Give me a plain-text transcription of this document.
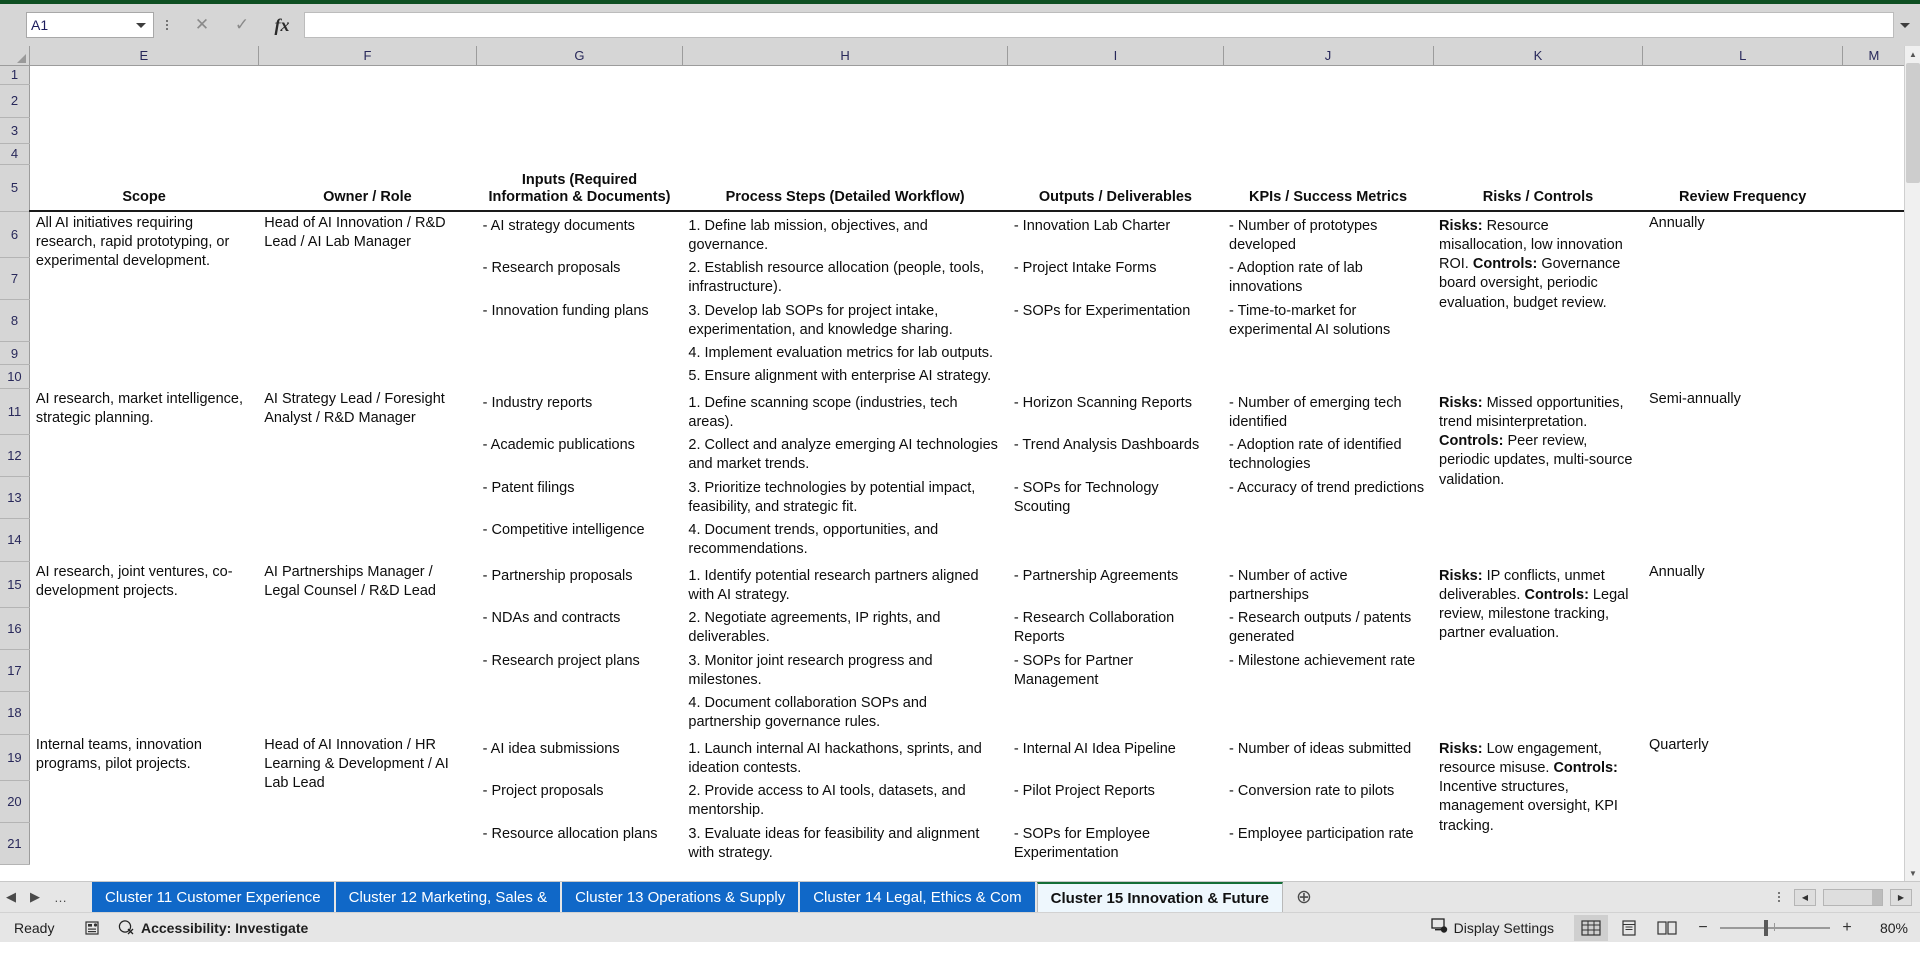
A1	✕	✓	fx
	E	F	G	H	I	J	K	L	M
1									
2									
3									
4									
5	Scope	Owner / Role	Inputs (Required Information & Documents)	Process Steps (Detailed Workflow)	Outputs / Deliverables	KPIs / Success Metrics	Risks / Controls	Review Frequency	
6	All AI initiatives requiring research, rapid prototyping, or experimental development.	Head of AI Innovation / R&D Lead / AI Lab Manager	- AI strategy documents	1. Define lab mission, objectives, and governance.	- Innovation Lab Charter	- Number of prototypes developed	Risks: Resource misallocation, low innovation ROI. Controls: Governance board oversight, periodic evaluation, budget review.	Annually	
7			- Research proposals	2. Establish resource allocation (people, tools, infrastructure).	- Project Intake Forms	- Adoption rate of lab innovations			
8			- Innovation funding plans	3. Develop lab SOPs for project intake, experimentation, and knowledge sharing.	- SOPs for Experimentation	- Time-to-market for experimental AI solutions			
9				4. Implement evaluation metrics for lab outputs.					
10				5. Ensure alignment with enterprise AI strategy.					
11	AI research, market intelligence, strategic planning.	AI Strategy Lead / Foresight Analyst / R&D Manager	- Industry reports	1. Define scanning scope (industries, tech areas).	- Horizon Scanning Reports	- Number of emerging tech identified	Risks: Missed opportunities, trend misinterpretation. Controls: Peer review, periodic updates, multi-source validation.	Semi-annually	
12			- Academic publications	2. Collect and analyze emerging AI technologies and market trends.	- Trend Analysis Dashboards	- Adoption rate of identified technologies			
13			- Patent filings	3. Prioritize technologies by potential impact, feasibility, and strategic fit.	- SOPs for Technology Scouting	- Accuracy of trend predictions			
14			- Competitive intelligence	4. Document trends, opportunities, and recommendations.					
15	AI research, joint ventures, co-development projects.	AI Partnerships Manager / Legal Counsel / R&D Lead	- Partnership proposals	1. Identify potential research partners aligned with AI strategy.	- Partnership Agreements	- Number of active partnerships	Risks: IP conflicts, unmet deliverables. Controls: Legal review, milestone tracking, partner evaluation.	Annually	
16			- NDAs and contracts	2. Negotiate agreements, IP rights, and deliverables.	- Research Collaboration Reports	- Research outputs / patents generated			
17			- Research project plans	3. Monitor joint research progress and milestones.	- SOPs for Partner Management	- Milestone achievement rate			
18				4. Document collaboration SOPs and partnership governance rules.					
19	Internal teams, innovation programs, pilot projects.	Head of AI Innovation / HR Learning & Development / AI Lab Lead	- AI idea submissions	1. Launch internal AI hackathons, sprints, and ideation contests.	- Internal AI Idea Pipeline	- Number of ideas submitted	Risks: Low engagement, resource misuse. Controls: Incentive structures, management oversight, KPI tracking.	Quarterly	
20			- Project proposals	2. Provide access to AI tools, datasets, and mentorship.	- Pilot Project Reports	- Conversion rate to pilots			
21			- Resource allocation plans	3. Evaluate ideas for feasibility and alignment with strategy.	- SOPs for Employee Experimentation	- Employee participation rate			
▲
▼
◀ ▶ …	Cluster 11 Customer Experience	Cluster 12 Marketing, Sales &	Cluster 13 Operations & Supply	Cluster 14 Legal, Ethics & Com	Cluster 15 Innovation & Future	⊕	◀	▶
Ready	Accessibility: Investigate	Display Settings	−	+	80%
